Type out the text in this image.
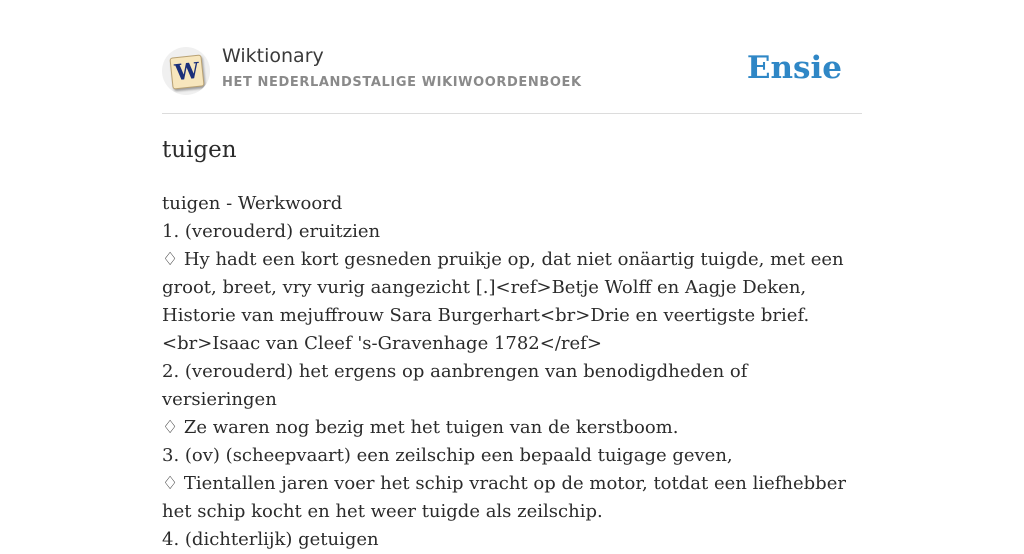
W
Wiktionary
HET NEDERLANDSTALIGE WIKIWOORDENBOEK	Ensie
tuigen

tuigen - Werkwoord

1. (verouderd) eruitzien

♢ Hy hadt een kort gesneden pruikje op, dat niet onäartig tuigde, met een groot, breet, vry vurig aangezicht [.]<ref>Betje Wolff en Aagje Deken, Historie van mejuffrouw Sara Burgerhart<br>Drie en veertigste brief.<br>Isaac van Cleef 's-Gravenhage 1782</ref>

2. (verouderd) het ergens op aanbrengen van benodigdheden of versieringen

♢ Ze waren nog bezig met het tuigen van de kerstboom.

3. (ov) (scheepvaart) een zeilschip een bepaald tuigage geven,

♢ Tientallen jaren voer het schip vracht op de motor, totdat een liefhebber het schip kocht en het weer tuigde als zeilschip.

4. (dichterlijk) getuigen
